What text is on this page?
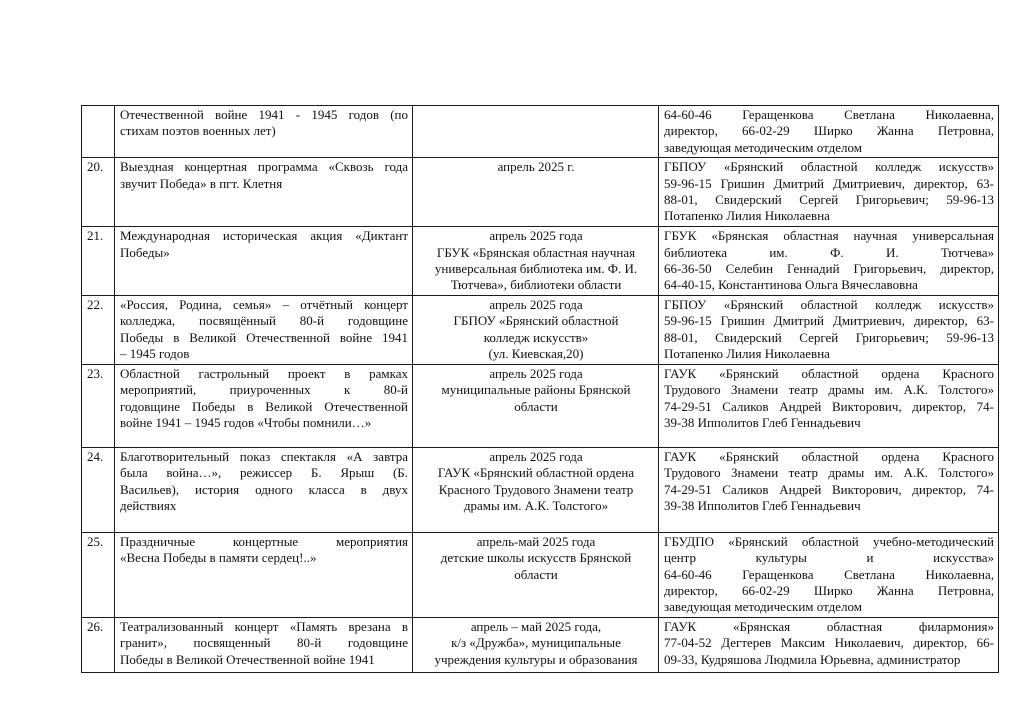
	Отечественной войне 1941 - 1945 годов (по
стихам поэтов военных лет)		64-60-46 Геращенкова Светлана Николаевна,
директор, 66-02-29 Ширко Жанна Петровна,
заведующая методическим отделом

20.	Выездная концертная программа «Сквозь года
звучит Победа» в пгт. Клетня	апрель 2025 г.	ГБПОУ «Брянский областной колледж искусств»
59-96-15 Гришин Дмитрий Дмитриевич, директор, 63-
88-01, Свидерский Сергей Григорьевич; 59-96-13
Потапенко Лилия Николаевна

21.	Международная историческая акция «Диктант
Победы»	апрель 2025 года
ГБУК «Брянская областная научная
универсальная библиотека им. Ф. И.
Тютчева», библиотеки области	ГБУК «Брянская областная научная универсальная
библиотека им. Ф. И. Тютчева»
66-36-50 Селебин Геннадий Григорьевич, директор,
64-40-15, Константинова Ольга Вячеславовна

22.	«Россия, Родина, семья» – отчётный концерт
колледжа, посвящённый 80-й годовщине
Победы в Великой Отечественной войне 1941
– 1945 годов	апрель 2025 года
ГБПОУ «Брянский областной
колледж искусств»
(ул. Киевская,20)	ГБПОУ «Брянский областной колледж искусств»
59-96-15 Гришин Дмитрий Дмитриевич, директор, 63-
88-01, Свидерский Сергей Григорьевич; 59-96-13
Потапенко Лилия Николаевна

23.	Областной гастрольный проект в рамках
мероприятий, приуроченных к 80-й
годовщине Победы в Великой Отечественной
войне 1941 – 1945 годов «Чтобы помнили…»	апрель 2025 года
муниципальные районы Брянской
области	ГАУК «Брянский областной ордена Красного
Трудового Знамени театр драмы им. А.К. Толстого»
74-29-51 Саликов Андрей Викторович, директор, 74-
39-38 Ипполитов Глеб Геннадьевич

24.	Благотворительный показ спектакля «А завтра
была война…», режиссер Б. Ярыш (Б.
Васильев), история одного класса в двух
действиях	апрель 2025 года
ГАУК «Брянский областной ордена
Красного Трудового Знамени театр
драмы им. А.К. Толстого»	ГАУК «Брянский областной ордена Красного
Трудового Знамени театр драмы им. А.К. Толстого»
74-29-51 Саликов Андрей Викторович, директор, 74-
39-38 Ипполитов Глеб Геннадьевич

25.	Праздничные концертные мероприятия
«Весна Победы в памяти сердец!..»	апрель-май 2025 года
детские школы искусств Брянской
области	ГБУДПО «Брянский областной учебно-методический
центр культуры и искусства»
64-60-46 Геращенкова Светлана Николаевна,
директор, 66-02-29 Ширко Жанна Петровна,
заведующая методическим отделом

26.	Театрализованный концерт «Память врезана в
гранит», посвященный 80-й годовщине
Победы в Великой Отечественной войне 1941	апрель – май 2025 года,
к/з «Дружба», муниципальные
учреждения культуры и образования	ГАУК «Брянская областная филармония»
77-04-52 Дегтерев Максим Николаевич, директор, 66-
09-33, Кудряшова Людмила Юрьевна, администратор
